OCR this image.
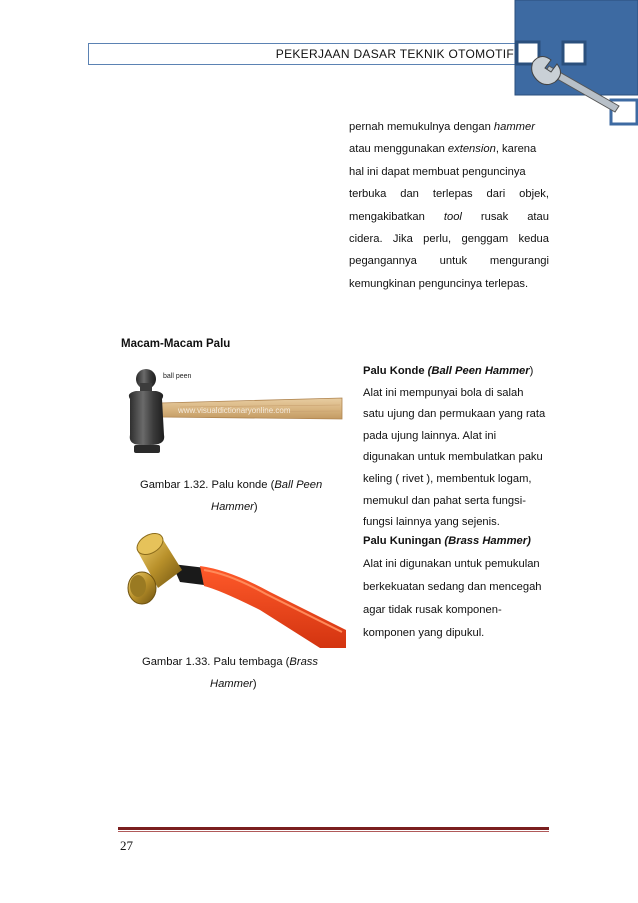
PEKERJAAN DASAR TEKNIK OTOMOTIF

pernah memukulnya dengan hammer

atau menggunakan extension, karena

hal ini dapat membuat penguncinya

terbuka dan terlepas dari objek,

mengakibatkan tool rusak atau

cidera. Jika perlu, genggam kedua

pegangannya untuk mengurangi

kemungkinan penguncinya terlepas.

Macam-Macam Palu
ball peen
www.visualdictionaryonline.com
Gambar 1.32. Palu konde (Ball Peen
Hammer)

Palu Konde (Ball Peen Hammer)

Alat ini mempunyai bola di salah

satu ujung dan permukaan yang rata

pada ujung lainnya. Alat ini

digunakan untuk membulatkan paku

keling ( rivet ), membentuk logam,

memukul dan pahat serta fungsi-

fungsi lainnya yang sejenis.

Gambar 1.33. Palu tembaga (Brass
Hammer)

Palu Kuningan (Brass Hammer)

Alat ini digunakan untuk pemukulan

berkekuatan sedang dan mencegah

agar tidak rusak komponen-

komponen yang dipukul.

27
